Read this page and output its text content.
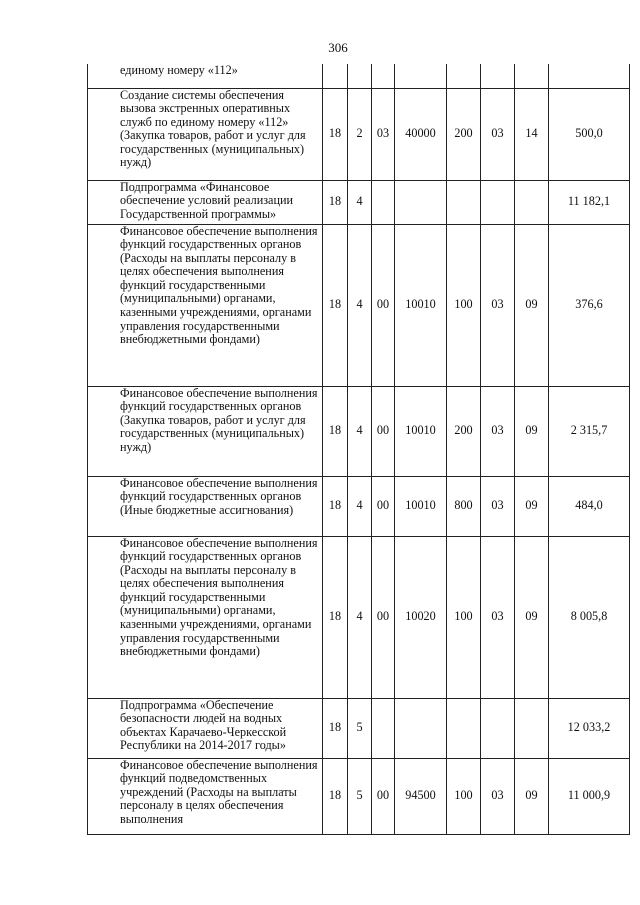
306
единому номеру «112»								
Создание системы обеспечения вызова экстренных оперативных служб по единому номеру «112» (Закупка товаров, работ и услуг для государственных (муниципальных) нужд)	18	2	03	40000	200	03	14	500,0
Подпрограмма «Финансовое обеспечение условий реализации Государственной программы»	18	4						11 182,1
Финансовое обеспечение выполнения функций государственных органов (Расходы на выплаты персоналу в целях обеспечения выполнения функций государственными (муниципальными) органами, казенными учреждениями, органами управления государственными внебюджетными фондами)	18	4	00	10010	100	03	09	376,6
Финансовое обеспечение выполнения функций государственных органов (Закупка товаров, работ и услуг для государственных (муниципальных) нужд)	18	4	00	10010	200	03	09	2 315,7
Финансовое обеспечение выполнения функций государственных органов (Иные бюджетные ассигнования)	18	4	00	10010	800	03	09	484,0
Финансовое обеспечение выполнения функций государственных органов (Расходы на выплаты персоналу в целях обеспечения выполнения функций государственными (муниципальными) органами, казенными учреждениями, органами управления государственными внебюджетными фондами)	18	4	00	10020	100	03	09	8 005,8
Подпрограмма «Обеспечение безопасности людей на водных объектах Карачаево-Черкесской Республики на 2014-2017 годы»	18	5						12 033,2
Финансовое обеспечение выполнения функций подведомственных учреждений (Расходы на выплаты персоналу в целях обеспечения выполнения	18	5	00	94500	100	03	09	11 000,9
